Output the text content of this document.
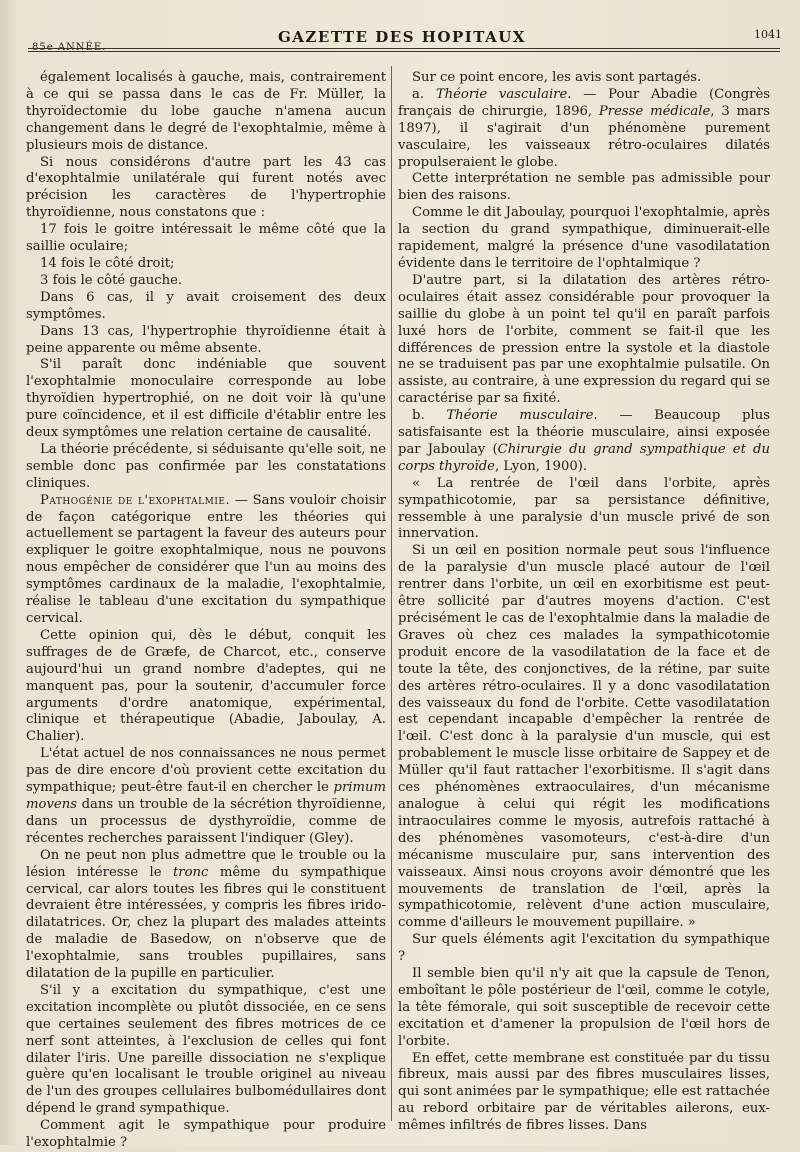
85e ANNÉE.
GAZETTE DES HOPITAUX	1041

également localisés à gauche, mais, contrairement à ce qui se passa dans le cas de Fr. Müller, la thyroïdectomie du lobe gauche n'amena aucun changement dans le degré de l'exophtalmie, même à plusieurs mois de distance.

Si nous considérons d'autre part les 43 cas d'exophtalmie unilatérale qui furent notés avec précision les caractères de l'hypertrophie thyroïdienne, nous constatons que :

17 fois le goitre intéressait le même côté que la saillie oculaire;

14 fois le côté droit;

3 fois le côté gauche.

Dans 6 cas, il y avait croisement des deux symptômes.

Dans 13 cas, l'hypertrophie thyroïdienne était à peine apparente ou même absente.

S'il paraît donc indéniable que souvent l'exophtalmie monoculaire corresponde au lobe thyroïdien hypertrophié, on ne doit voir là qu'une pure coïncidence, et il est difficile d'établir entre les deux symptômes une relation certaine de causalité.

La théorie précédente, si séduisante qu'elle soit, ne semble donc pas confirmée par les constatations cliniques.

Pathogénie de l'exophtalmie. — Sans vouloir choisir de façon catégorique entre les théories qui actuellement se partagent la faveur des auteurs pour expliquer le goitre exophtalmique, nous ne pouvons nous empêcher de considérer que l'un au moins des symptômes cardinaux de la maladie, l'exophtalmie, réalise le tableau d'une excitation du sympathique cervical.

Cette opinion qui, dès le début, conquit les suffrages de de Græfe, de Charcot, etc., conserve aujourd'hui un grand nombre d'adeptes, qui ne manquent pas, pour la soutenir, d'accumuler force arguments d'ordre anatomique, expérimental, clinique et thérapeutique (Abadie, Jaboulay, A. Chalier).

L'état actuel de nos connaissances ne nous permet pas de dire encore d'où provient cette excitation du sympathique; peut-être faut-il en chercher le primum movens dans un trouble de la sécrétion thyroïdienne, dans un processus de dysthyroïdie, comme de récentes recherches paraissent l'indiquer (Gley).

On ne peut non plus admettre que le trouble ou la lésion intéresse le tronc même du sympathique cervical, car alors toutes les fibres qui le constituent devraient être intéressées, y compris les fibres irido-dilatatrices. Or, chez la plupart des malades atteints de maladie de Basedow, on n'observe que de l'exophtalmie, sans troubles pupillaires, sans dilatation de la pupille en particulier.

S'il y a excitation du sympathique, c'est une excitation incomplète ou plutôt dissociée, en ce sens que certaines seulement des fibres motrices de ce nerf sont atteintes, à l'exclusion de celles qui font dilater l'iris. Une pareille dissociation ne s'explique guère qu'en localisant le trouble originel au niveau de l'un des groupes cellulaires bulbomédullaires dont dépend le grand sympathique.

Comment agit le sympathique pour produire l'exophtalmie ?

Sur ce point encore, les avis sont partagés.

a. Théorie vasculaire. — Pour Abadie (Congrès français de chirurgie, 1896, Presse médicale, 3 mars 1897), il s'agirait d'un phénomène purement vasculaire, les vaisseaux rétro-oculaires dilatés propulseraient le globe.

Cette interprétation ne semble pas admissible pour bien des raisons.

Comme le dit Jaboulay, pourquoi l'exophtalmie, après la section du grand sympathique, diminuerait-elle rapidement, malgré la présence d'une vasodilatation évidente dans le territoire de l'ophtalmique ?

D'autre part, si la dilatation des artères rétro-oculaires était assez considérable pour provoquer la saillie du globe à un point tel qu'il en paraît parfois luxé hors de l'orbite, comment se fait-il que les différences de pression entre la systole et la diastole ne se traduisent pas par une exophtalmie pulsatile. On assiste, au contraire, à une expression du regard qui se caractérise par sa fixité.

b. Théorie musculaire. — Beaucoup plus satisfaisante est la théorie musculaire, ainsi exposée par Jaboulay (Chirurgie du grand sympathique et du corps thyroïde, Lyon, 1900).

« La rentrée de l'œil dans l'orbite, après sympathicotomie, par sa persistance définitive, ressemble à une paralysie d'un muscle privé de son innervation.

Si un œil en position normale peut sous l'influence de la paralysie d'un muscle placé autour de l'œil rentrer dans l'orbite, un œil en exorbitisme est peut-être sollicité par d'autres moyens d'action. C'est précisément le cas de l'exophtalmie dans la maladie de Graves où chez ces malades la sympathicotomie produit encore de la vasodilatation de la face et de toute la tête, des conjonctives, de la rétine, par suite des artères rétro-oculaires. Il y a donc vasodilatation des vaisseaux du fond de l'orbite. Cette vasodilatation est cependant incapable d'empêcher la rentrée de l'œil. C'est donc à la paralysie d'un muscle, qui est probablement le muscle lisse orbitaire de Sappey et de Müller qu'il faut rattacher l'exorbitisme. Il s'agit dans ces phénomènes extraoculaires, d'un mécanisme analogue à celui qui régit les modifications intraoculaires comme le myosis, autrefois rattaché à des phénomènes vasomoteurs, c'est-à-dire d'un mécanisme musculaire pur, sans intervention des vaisseaux. Ainsi nous croyons avoir démontré que les mouvements de translation de l'œil, après la sympathicotomie, relèvent d'une action musculaire, comme d'ailleurs le mouvement pupillaire. »

Sur quels éléments agit l'excitation du sympathique ?

Il semble bien qu'il n'y ait que la capsule de Tenon, emboîtant le pôle postérieur de l'œil, comme le cotyle, la tête fémorale, qui soit susceptible de recevoir cette excitation et d'amener la propulsion de l'œil hors de l'orbite.

En effet, cette membrane est constituée par du tissu fibreux, mais aussi par des fibres musculaires lisses, qui sont animées par le sympathique; elle est rattachée au rebord orbitaire par de véritables ailerons, eux-mêmes infiltrés de fibres lisses. Dans
